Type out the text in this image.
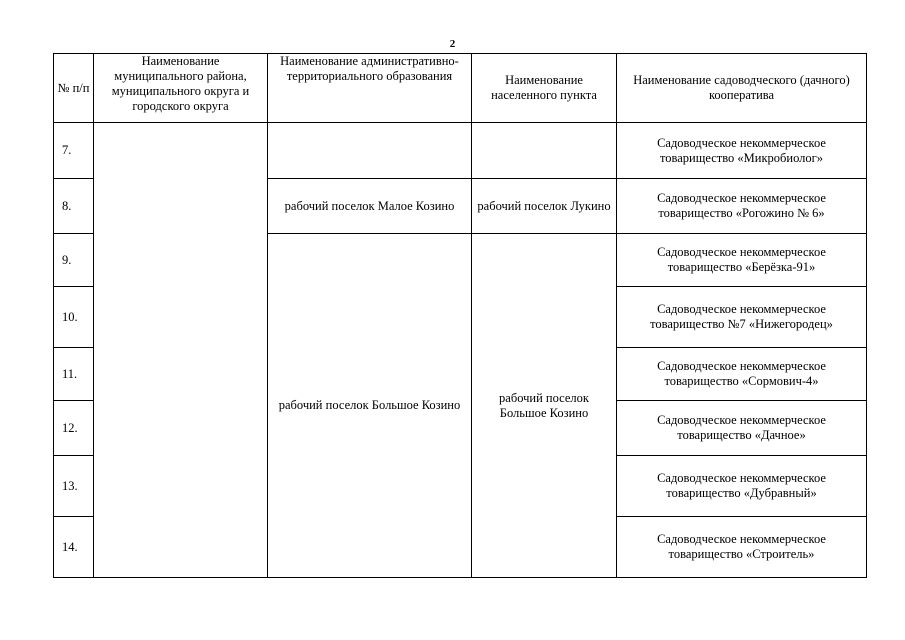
2
№ п/п	Наименование муниципального района, муниципального округа и городского округа	Наименование административно-территориального образования	Наименование населенного пункта	Наименование садоводческого (дачного) кооператива
7.				Садоводческое некоммерческое товарищество «Микробиолог»
8.		рабочий поселок Малое Козино	рабочий поселок Лукино	Садоводческое некоммерческое товарищество «Рогожино № 6»
9.		рабочий поселок Большое Козино	рабочий поселок Большое Козино	Садоводческое некоммерческое товарищество «Берёзка-91»
10.				Садоводческое некоммерческое товарищество №7 «Нижегородец»
11.				Садоводческое некоммерческое товарищество «Сормович-4»
12.				Садоводческое некоммерческое товарищество «Дачное»
13.				Садоводческое некоммерческое товарищество «Дубравный»
14.				Садоводческое некоммерческое товарищество «Строитель»
